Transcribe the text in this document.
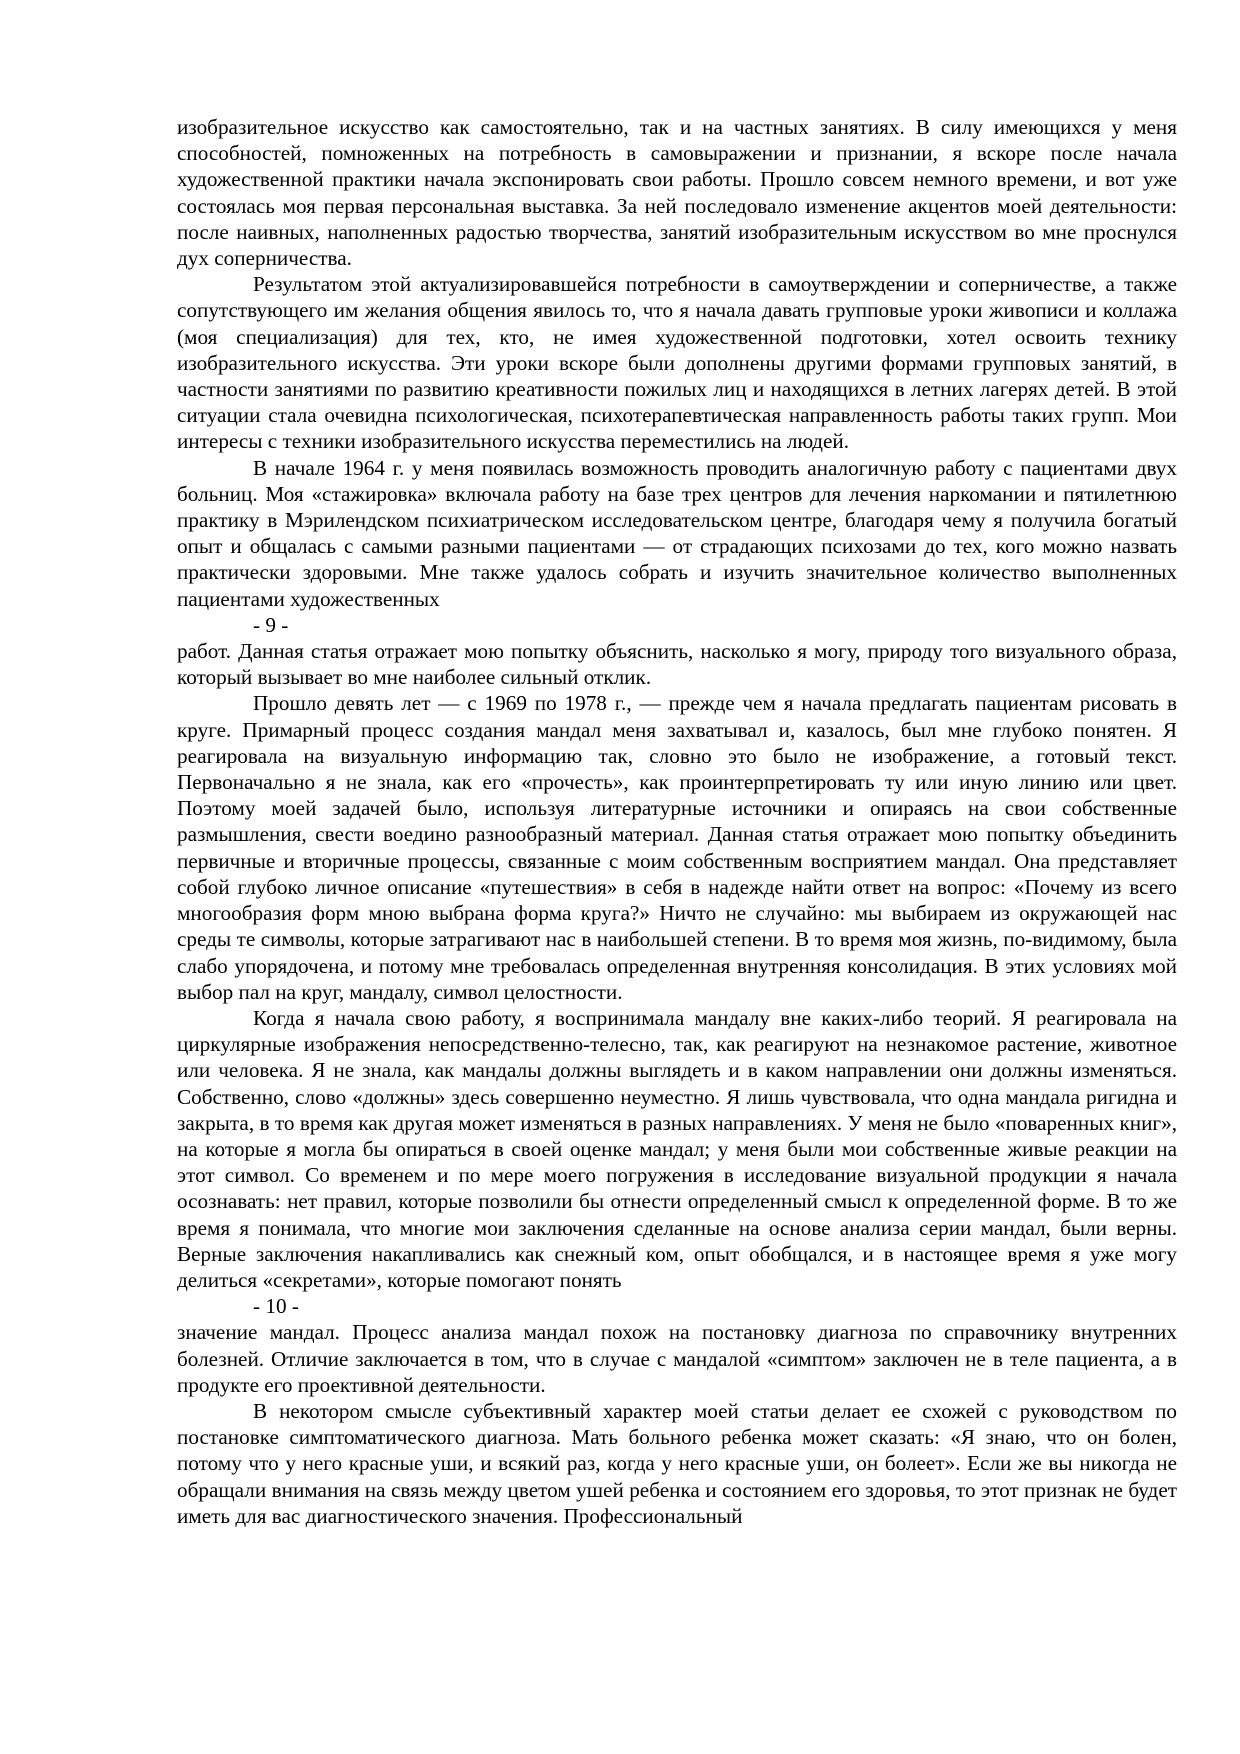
изобразительное искусство как самостоятельно, так и на частных занятиях. В силу имеющихся у меня способностей, помноженных на потребность в самовыражении и признании, я вскоре после начала художественной практики начала экспонировать свои работы. Прошло совсем немного времени, и вот уже состоялась моя первая персональная выставка. За ней последовало изменение акцентов моей деятельности: после наивных, наполненных радостью творчества, занятий изобразительным искусством во мне проснулся дух соперничества.

Результатом этой актуализировавшейся потребности в самоутверждении и соперничестве, а также сопутствующего им желания общения явилось то, что я начала давать групповые уроки живописи и коллажа (моя специализация) для тех, кто, не имея художественной подготовки, хотел освоить технику изобразительного искусства. Эти уроки вскоре были дополнены другими формами групповых занятий, в частности занятиями по развитию креативности пожилых лиц и находящихся в летних лагерях детей. В этой ситуации стала очевидна психологическая, психотерапевтическая направленность работы таких групп. Мои интересы с техники изобразительного искусства переместились на людей.

В начале 1964 г. у меня появилась возможность проводить аналогичную работу с пациентами двух больниц. Моя «стажировка» включала работу на базе трех центров для лечения наркомании и пятилетнюю практику в Мэрилендском психиатрическом исследовательском центре, благодаря чему я получила богатый опыт и общалась с самыми разными пациентами — от страдающих психозами до тех, кого можно назвать практически здоровыми. Мне также удалось собрать и изучить значительное количество выполненных пациентами художественных

- 9 -

работ. Данная статья отражает мою попытку объяснить, насколько я могу, природу того визуального образа, который вызывает во мне наиболее сильный отклик.

Прошло девять лет — с 1969 по 1978 г., — прежде чем я начала предлагать пациентам рисовать в круге. Примарный процесс создания мандал меня захватывал и, казалось, был мне глубоко понятен. Я реагировала на визуальную информацию так, словно это было не изображение, а готовый текст. Первоначально я не знала, как его «прочесть», как проинтерпретировать ту или иную линию или цвет. Поэтому моей задачей было, используя литературные источники и опираясь на свои собственные размышления, свести воедино разнообразный материал. Данная статья отражает мою попытку объединить первичные и вторичные процессы, связанные с моим собственным восприятием мандал. Она представляет собой глубоко личное описание «путешествия» в себя в надежде найти ответ на вопрос: «Почему из всего многообразия форм мною выбрана форма круга?» Ничто не случайно: мы выбираем из окружающей нас среды те символы, которые затрагивают нас в наибольшей степени. В то время моя жизнь, по-видимому, была слабо упорядочена, и потому мне требовалась определенная внутренняя консолидация. В этих условиях мой выбор пал на круг, мандалу, символ целостности.

Когда я начала свою работу, я воспринимала мандалу вне каких-либо теорий. Я реагировала на циркулярные изображения непосредственно-телесно, так, как реагируют на незнакомое растение, животное или человека. Я не знала, как мандалы должны выглядеть и в каком направлении они должны изменяться. Собственно, слово «должны» здесь совершенно неуместно. Я лишь чувствовала, что одна мандала ригидна и закрыта, в то время как другая может изменяться в разных направлениях. У меня не было «поваренных книг», на которые я могла бы опираться в своей оценке мандал; у меня были мои собственные живые реакции на этот символ. Со временем и по мере моего погружения в исследование визуальной продукции я начала осознавать: нет правил, которые позволили бы отнести определенный смысл к определенной форме. В то же время я понимала, что многие мои заключения сделанные на основе анализа серии мандал, были верны. Верные заключения накапливались как снежный ком, опыт обобщался, и в настоящее время я уже могу делиться «секретами», которые помогают понять

- 10 -

значение мандал. Процесс анализа мандал похож на постановку диагноза по справочнику внутренних болезней. Отличие заключается в том, что в случае с мандалой «симптом» заключен не в теле пациента, а в продукте его проективной деятельности.

В некотором смысле субъективный характер моей статьи делает ее схожей с руководством по постановке симптоматического диагноза. Мать больного ребенка может сказать: «Я знаю, что он болен, потому что у него красные уши, и всякий раз, когда у него красные уши, он болеет». Если же вы никогда не обращали внимания на связь между цветом ушей ребенка и состоянием его здоровья, то этот признак не будет иметь для вас диагностического значения. Профессиональный
